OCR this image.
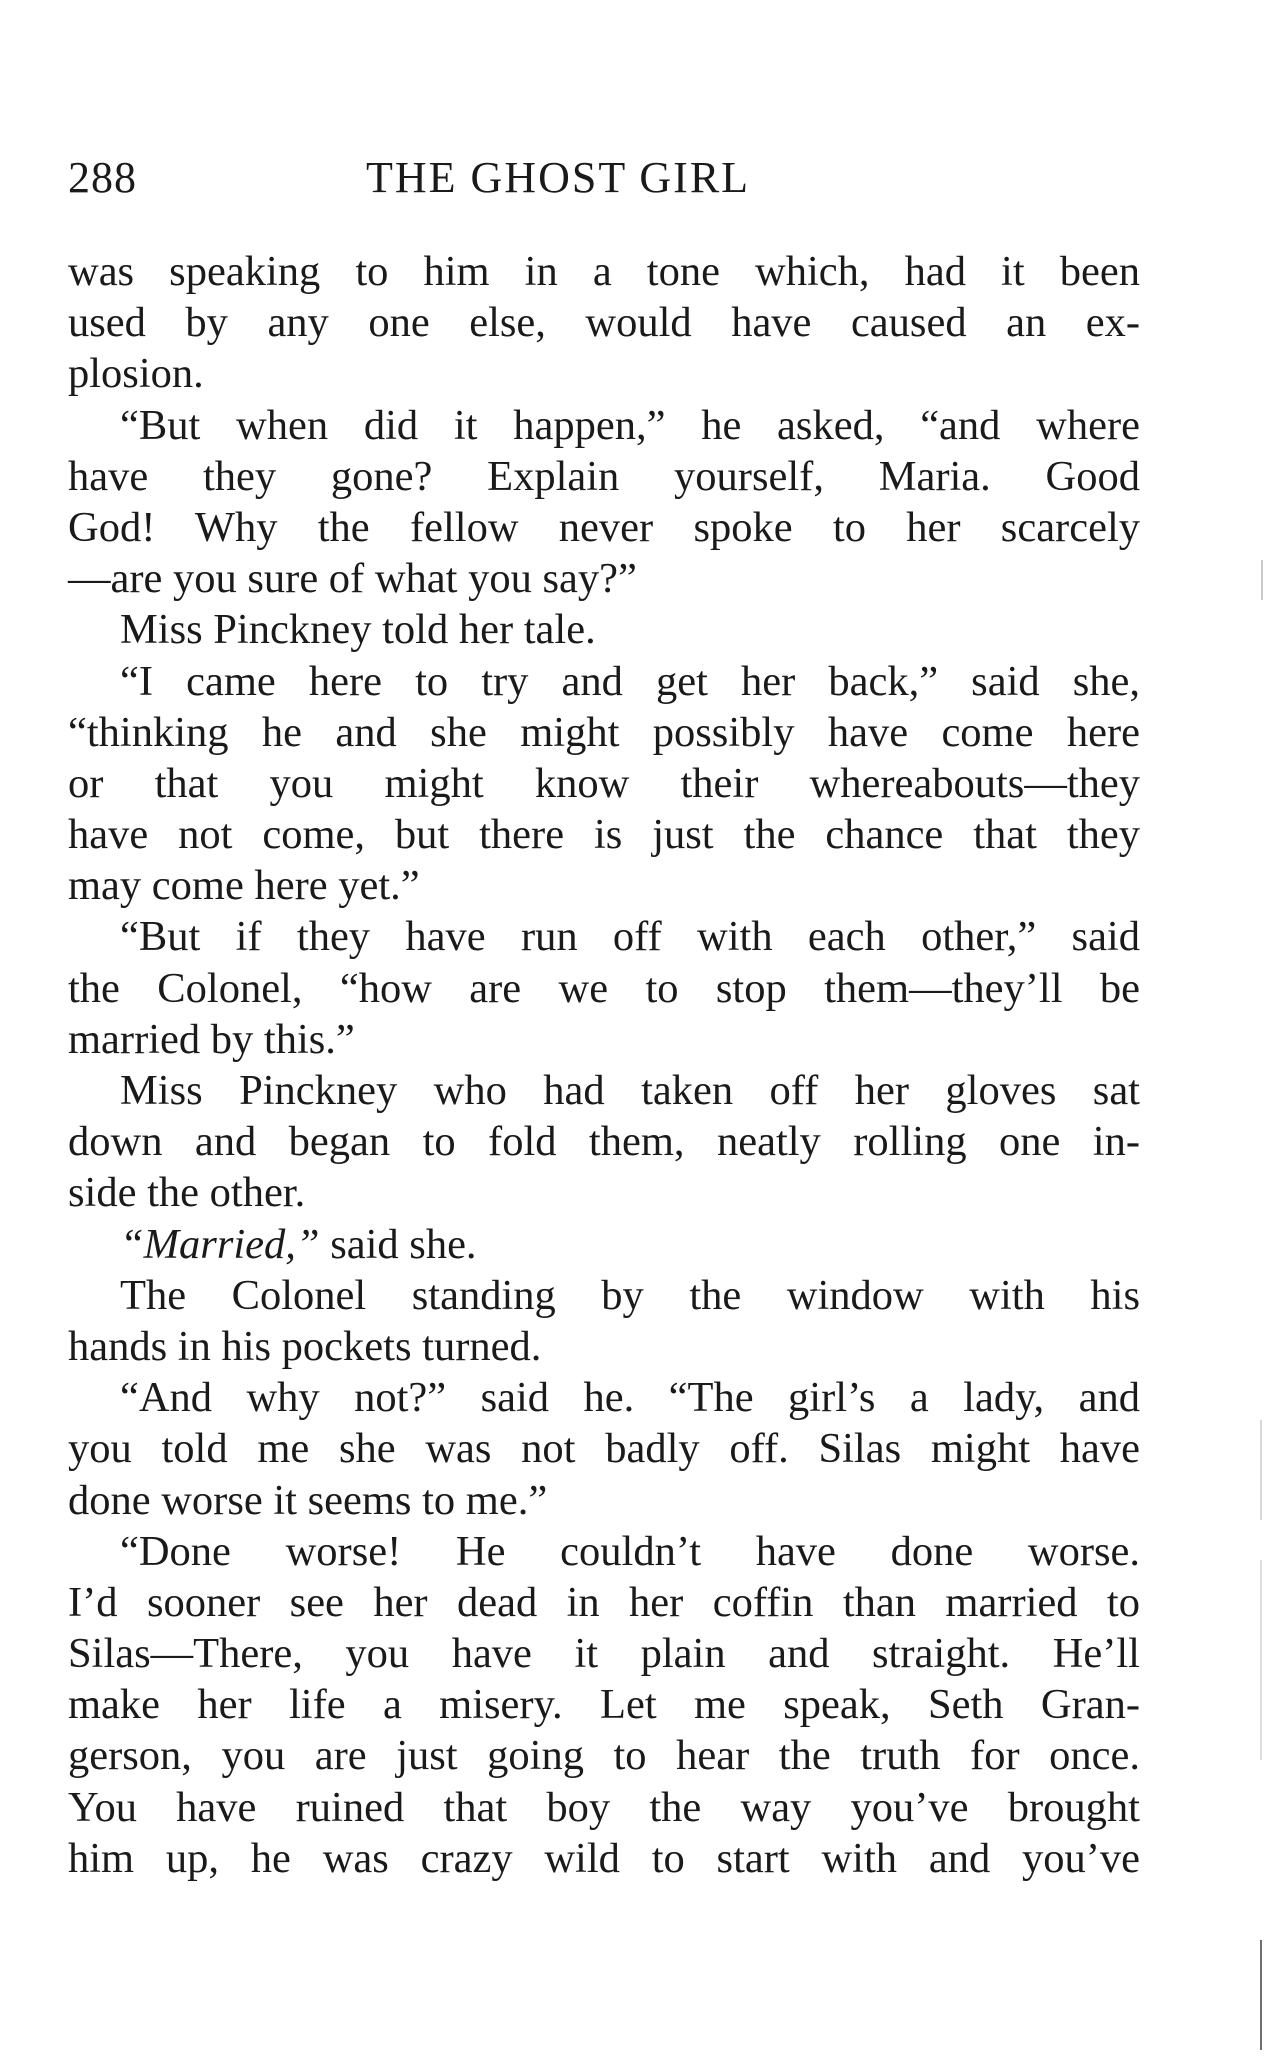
288	THE GHOST GIRL
was speaking to him in a tone which, had it been
used by any one else, would have caused an ex-
plosion.
“But when did it happen,” he asked, “and where
have they gone? Explain yourself, Maria. Good
God! Why the fellow never spoke to her scarcely
—are you sure of what you say?”
Miss Pinckney told her tale.
“I came here to try and get her back,” said she,
“thinking he and she might possibly have come here
or that you might know their whereabouts—they
have not come, but there is just the chance that they
may come here yet.”
“But if they have run off with each other,” said
the Colonel, “how are we to stop them—they’ll be
married by this.”
Miss Pinckney who had taken off her gloves sat
down and began to fold them, neatly rolling one in-
side the other.
“Married,” said she.
The Colonel standing by the window with his
hands in his pockets turned.
“And why not?” said he. “The girl’s a lady, and
you told me she was not badly off. Silas might have
done worse it seems to me.”
“Done worse! He couldn’t have done worse.
I’d sooner see her dead in her coffin than married to
Silas—There, you have it plain and straight. He’ll
make her life a misery. Let me speak, Seth Gran-
gerson, you are just going to hear the truth for once.
You have ruined that boy the way you’ve brought
him up, he was crazy wild to start with and you’ve
